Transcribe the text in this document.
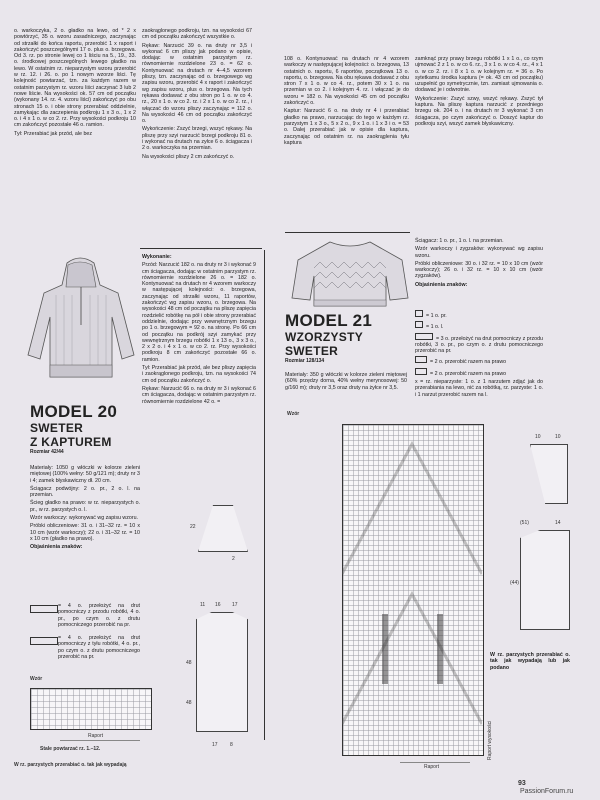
o. warkoczyka, 2 o. gładko na lewo, od * 2 x powtórzyć, 35 o. wzoru zasadniczego, zaczynając od strzałki do końca raportu, przerobić 1 x raport i zakończyć poszczególnymi 17 o. plus o. brzegowa. Od 3. rz. po stronie lewej co 1 liściu na 5., 19., 33. o. środkowej poszczególnych lewego gładko na lewo. W ostatnim rz. nieparzystym wzoru przerobić w rz. 12. i 26. o. po 1 nowym wzorze liści. Tę kolejność powtarzać, tzn. za każdym razem w ostatnim parzystym rz. wzoru liści zaczynać 3 lub 2 nowe liście. Na wysokości ok. 57 cm od początku (wykonany 14. rz. 4. wzoru liści) zakończyć po obu stronach 15 o. i obie strony przerabiać oddzielnie, zamykając dla zaczepienia podkroju 1 x 3 o., 1 x 2 o. i 4 x 1 o. w co 2. rz. Przy wysokości podkroju 10 cm zakończyć pozostałe 46 o. ramion.

Tył: Przerabiać jak przód, ale bez

zaokrąglonego podkroju, tzn. na wysokości 67 cm od początku zakończyć wszystkie o.

Rękaw: Narzucić 39 o. na druty nr 3,5 i wykonać 6 cm pliszy jak podano w opisie, dodając w ostatnim parzystym rz. równomiernie rozdzielone 23 o. = 62 o. Kontynuować na drutach nr 4–4,5 wzorem pliszy, tzn. zaczynając od o. brzegowego wg zapisu wzoru, przerobić 4 x raport i zakończyć wg zapisu wzoru, plus o. brzegowa. Na tych rękawa dodawać z obu stron po 1 o. w co 4. rz., 20 x 1 o. w co 2. rz. i 2 x 1 o. w co 2. rz., i włączać do wzoru pliszy zaczynając = 112 o. Na wysokości 46 cm od początku zakończyć o.

Wykończenie: Zszyć brzegi, wszyć rękawy. Na pliszę przy szyi narzucić brzegi podkroju 81 o. i wykonać na drutach na zyłce 6 o. ściągacza i 2 o. warkoczyka na przemian.

Na wysokości pliszy 2 cm zakończyć o.

108 o. Kontynuować na drutach nr 4 wzorem warkoczy w następującej kolejności: o. brzegowa, 13 ostatnich o. raportu, 6 raportów, początkowa 13 o. raportu, o. brzegowa. Na obu rękawa dodawać z obu stron 7 x 1 o. w co 4. rz., potem 30 x 1 o. na przemian w co 2. i kolejnym 4. rz. i włączać je do wzoru = 182 o. Na wysokości 45 cm od początku zakończyć o.

Kaptur: Narzucić 6 o. na druty nr 4 i przerabiać gładko na prawo, narzucając do tego w każdym rz. parzystym 1 x 3 o., 5 x 2 o., 9 x 1 o. i 1 x 3 i o. = 53 o. Dalej przerabiać jak w opisie dla kaptura, zaczynając od ostatnim rz. na zaokrąglenia tyłu kaptura

zamknąć przy prawy brzegu robótki 1 x 1 o., co rzym ujmować 2 z 1 o. w co 6. rz., 3 x 1 o. w co 4. rz., 4 x 1 o. w co 2. rz. i 8 x 1 o. w kolejnym rz. = 36 o. Po sytetkamu środka kaptura (= ok. 43 cm od początku) uzupełnić go symetrycznie, tzn. zamiast ujmowania o. dodawać je i odwrotnie.

Wykończenie: Zszyć szwy, wszyć rękawy. Zszyć tył kaptura. Na pliszę kaptura narzucić z przedniego brzegu ok. 204 o. i na drutach nr 3 wykonać 3 cm ściągacza, po czym zakończyć o. Doszyć kaptur do podkroju szyi, wszyć zamek błyskawiczny.

MODEL 20
SWETER
Z KAPTUREM
Rozmiar 42/44

Materiały: 1050 g włóczki w kolorze zieleni miętowej (100% wełny: 50 g/121 m); druty nr 3 i 4; zamek błyskawiczny dł. 20 cm.

Ściągacz podwójny: 2 o. pr., 2 o. l. na przemian.

Ścieg gładko na prawo: w rz. nieparzystych o. pr., w rz. parzystych o. l.

Wzór warkoczy: wykonywać wg zapisu wzoru.

Próbki obliczeniowe: 31 o. i 31–32 rz. = 10 x 10 cm (wzór warkoczy); 22 o. i 31–32 rz. = 10 x 10 cm (gładko na prawo).

Objaśnienia znaków:

= 4 o. przełożyć na drut pomocniczy z przodu robótki, 4 o. pr., po czym o. z drutu pomocniczego przerobić na pr.

= 4 o. przełożyć na drut pomocniczy z tyłu robótki, 4 o. pr., po czym o. z drutu pomocniczego przerobić na pr.

Wzór
Raport
Stale powtarzać rz. 1.–12.
W rz. parzystych przerabiać o. tak jak wypadają

Wykonanie:

Przód: Narzucić 182 o. na druty nr 3 i wykonać 9 cm ściągacza, dodając w ostatnim parzystym rz. równomiernie rozdzielone 26 o. = 182 o. Kontynuować na drutach nr 4 wzorem warkoczy w następującej kolejności: o. brzegowa, zaczynając od strzałki wzoru, 11 raportów, zakończyć wg zapisu wzoru, o. brzegowa. Na wysokości 48 cm od początku na pliszę zapięcia rozdzielić robótkę na pół i obie strony przerabiać oddzielnie, dodając przy wewnętrznym brzegu po 1 o. brzegowym = 92 o. na stronę. Po 66 cm od początku na podkrój szyi zamykać przy wewnętrznym brzegu robótki 1 x 13 o., 3 x 3 o., 2 x 2 o. i 4 x 1 o. w co 2. rz. Przy wysokości podkroju 8 cm zakończyć pozostałe 66 o. ramion.

Tył: Przerabiać jak przód, ale bez pliszy zapięcia i zaokrąglonego podkroju, tzn. na wysokości 74 cm od początku zakończyć o.

Rękaw: Narzucić 66 o. na druty nr 3 i wykonać 6 cm ściągacza, dodając w ostatnim parzystym rz. równomiernie rozdzielone 42 o. =

22
2
11 16 17
48
48
17 8
MODEL 21
WZORZYSTY
SWETER
Rozmiar 128/134

Materiały: 350 g włóczki w kolorze zieleni miętowej (60% przędzy dorna, 40% wełny merynosowej: 50 g/160 m); druty nr 3,5 oraz druty na żyłce nr 3,5.

Ściągacz: 1 o. pr., 1 o. l. na przemian.

Wzór warkoczy i zygzaków: wykonywać wg zapisu wzoru.

Próbki obliczeniowe: 30 o. i 32 rz. = 10 x 10 cm (wzór warkoczy); 26 o. i 32 rz. = 10 x 10 cm (wzór zygzaków).

Objaśnienia znaków:

= 1 o. pr.

= 1 o. l.

= 3 o. przełożyć na drut pomocniczy z przodu robótki, 3 o. pr., po czym o. z drutu pomocniczego przerobić na pr.

= 2 o. przerobić razem na prawo

= 2 o. przerobić razem na prawo

x = rz. nieparzyste: 1 o. z 1 narzutem zdjąć jak do przerabiania na lewo, nić za robótką, rz. parzyste: 1 o. i 1 narzut przerobić razem na l.

Wzór
Raport
Raport wysokości

W rz. parzystych przerabiać o. tak jak wypadają lub jak podano

10	10
(51)	14
(44)
93
PassionForum.ru
